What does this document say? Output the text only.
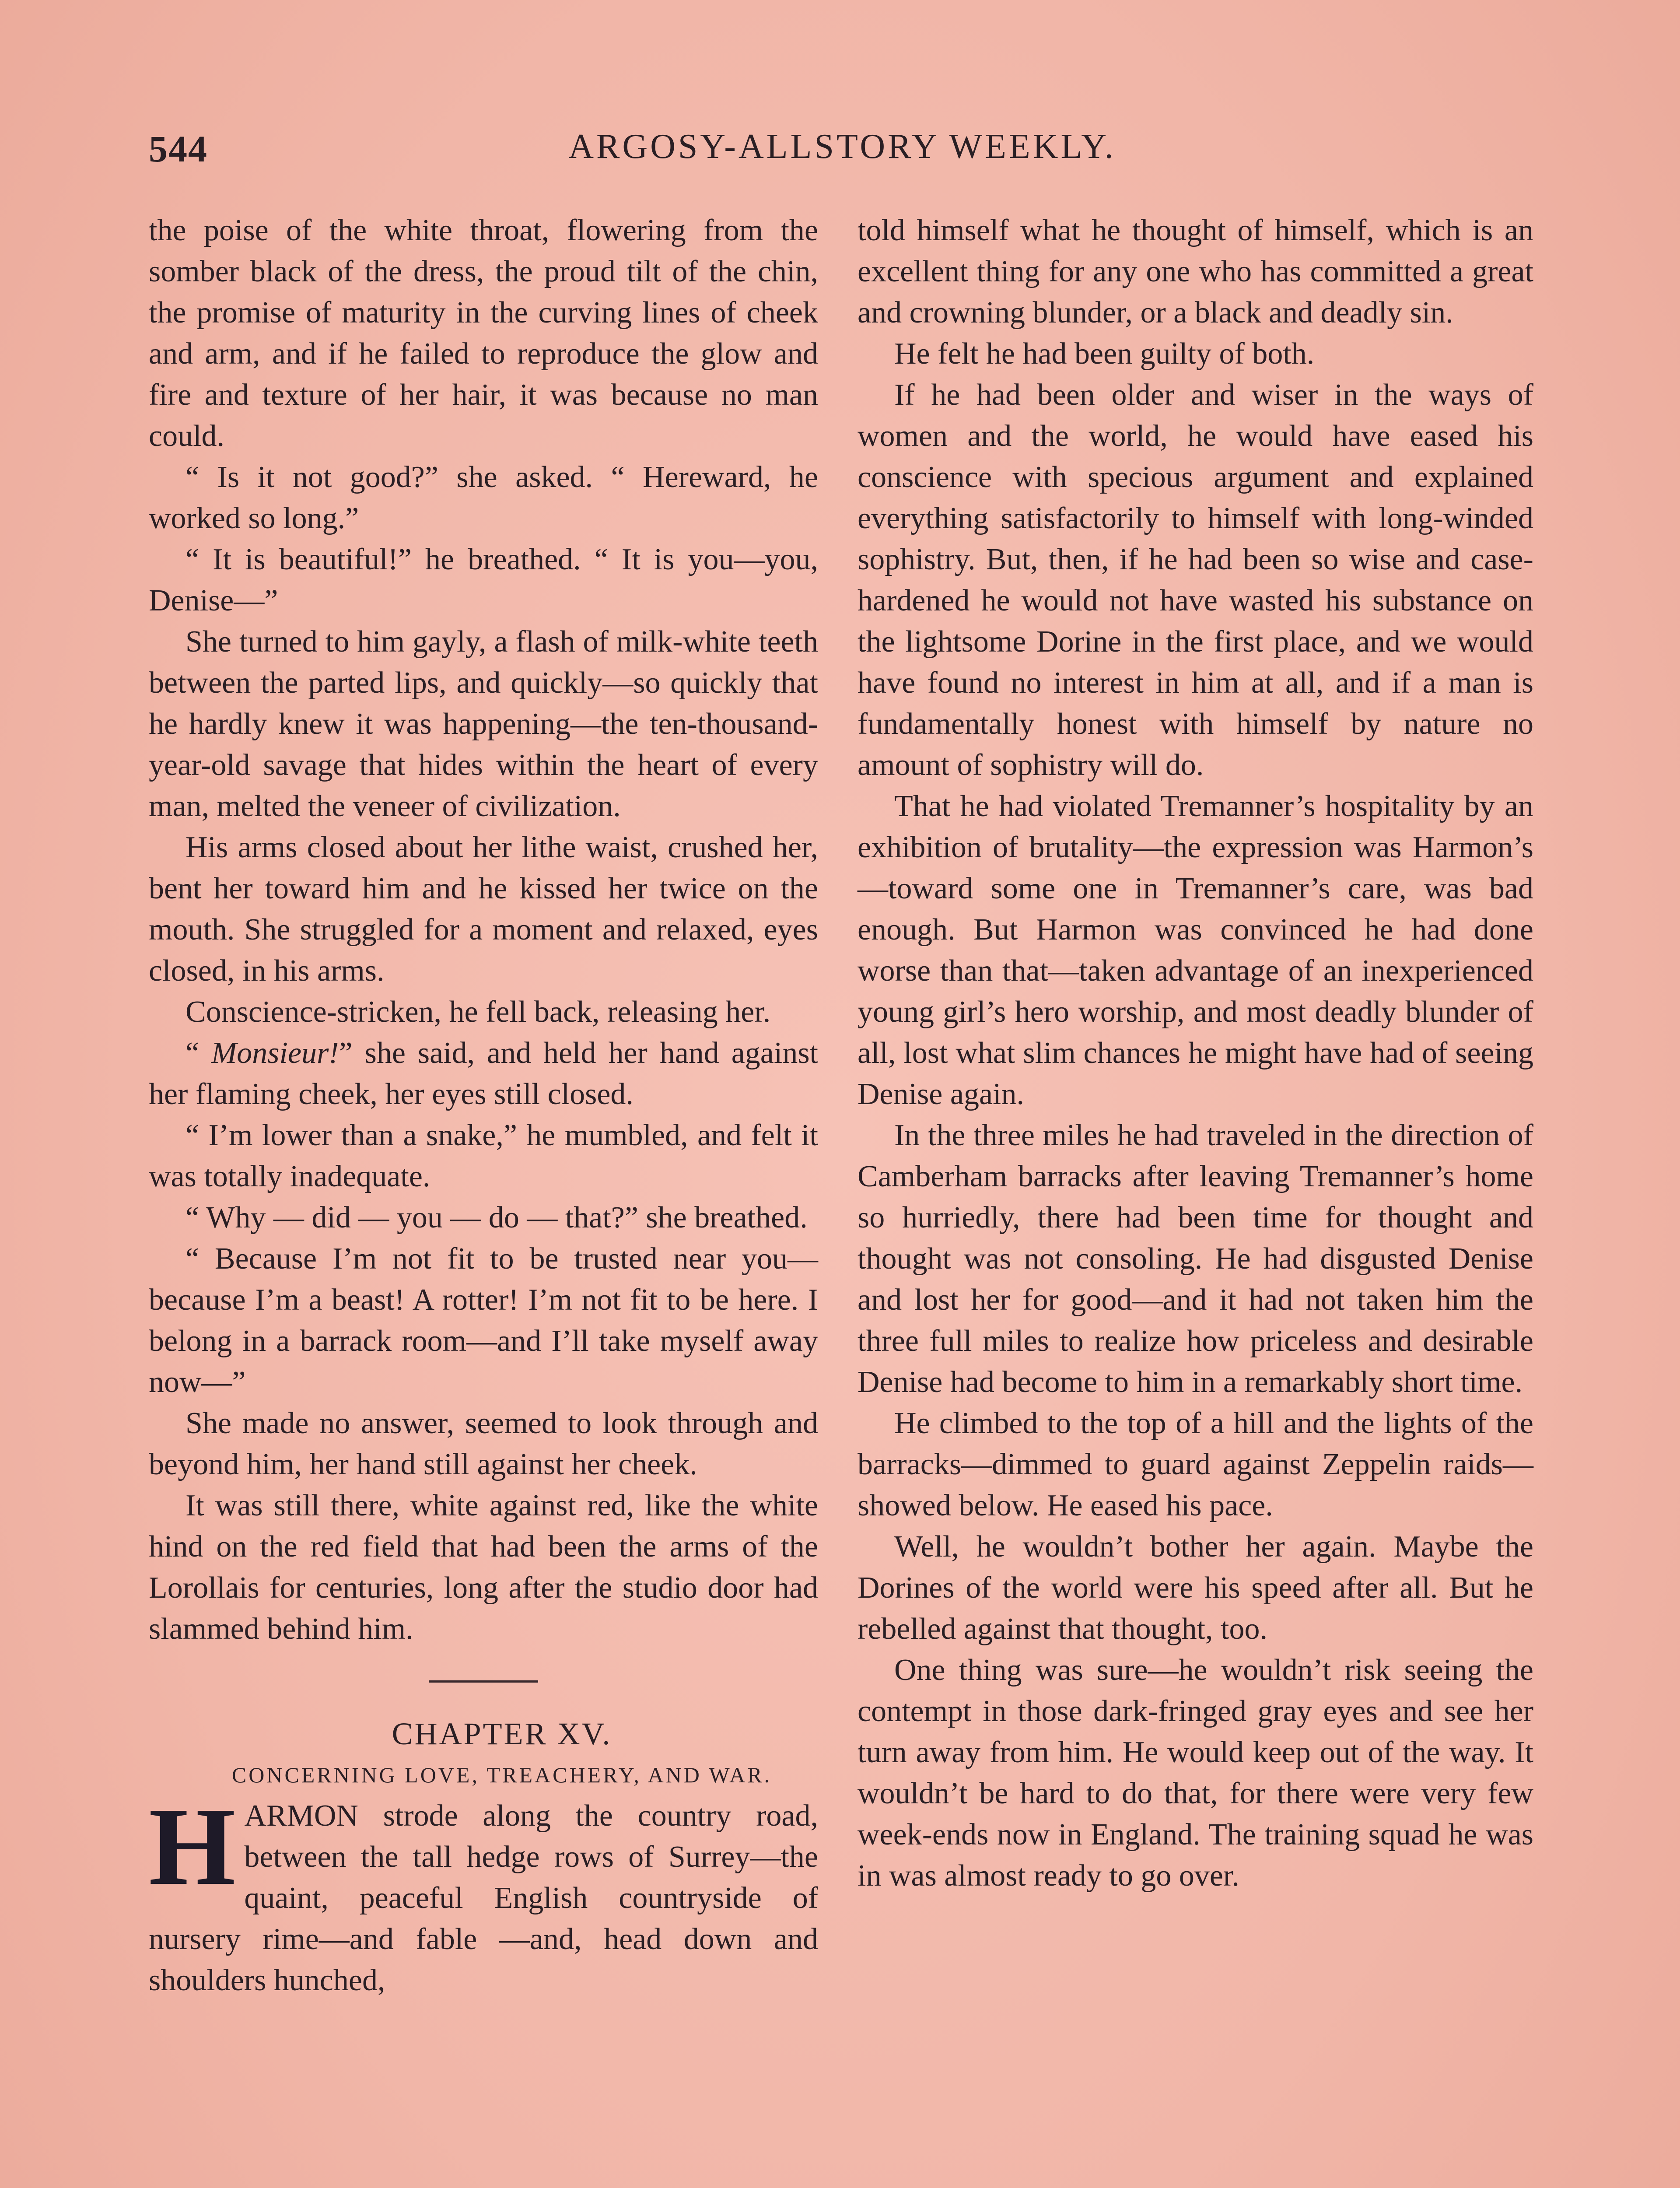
544	ARGOSY-ALLSTORY WEEKLY.

the poise of the white throat, flowering from the somber black of the dress, the proud tilt of the chin, the promise of maturity in the curving lines of cheek and arm, and if he failed to reproduce the glow and fire and texture of her hair, it was because no man could.

“ Is it not good?” she asked. “ Hereward, he worked so long.”

“ It is beautiful!” he breathed. “ It is you—you, Denise—”

She turned to him gayly, a flash of milk-white teeth between the parted lips, and quickly—so quickly that he hardly knew it was happening—the ten-thousand-year-old savage that hides within the heart of every man, melted the veneer of civilization.

His arms closed about her lithe waist, crushed her, bent her toward him and he kissed her twice on the mouth. She struggled for a moment and relaxed, eyes closed, in his arms.

Conscience-stricken, he fell back, releasing her.

“ Monsieur!” she said, and held her hand against her flaming cheek, her eyes still closed.

“ I’m lower than a snake,” he mumbled, and felt it was totally inadequate.

“ Why — did — you — do — that?” she breathed.

“ Because I’m not fit to be trusted near you—because I’m a beast! A rotter! I’m not fit to be here. I belong in a barrack room—and I’ll take myself away now—”

She made no answer, seemed to look through and beyond him, her hand still against her cheek.

It was still there, white against red, like the white hind on the red field that had been the arms of the Lorollais for centuries, long after the studio door had slammed behind him.

CHAPTER XV.

CONCERNING LOVE, TREACHERY, AND WAR.

HARMON strode along the country road, between the tall hedge rows of Surrey—the quaint, peaceful English countryside of nursery rime—and fable —and, head down and shoulders hunched,

told himself what he thought of himself, which is an excellent thing for any one who has committed a great and crowning blunder, or a black and deadly sin.

He felt he had been guilty of both.

If he had been older and wiser in the ways of women and the world, he would have eased his conscience with specious argument and explained everything satisfactorily to himself with long-winded sophistry. But, then, if he had been so wise and case-hardened he would not have wasted his substance on the lightsome Dorine in the first place, and we would have found no interest in him at all, and if a man is fundamentally honest with himself by nature no amount of sophistry will do.

That he had violated Tremanner’s hospitality by an exhibition of brutality—the expression was Harmon’s—toward some one in Tremanner’s care, was bad enough. But Harmon was convinced he had done worse than that—taken advantage of an inexperienced young girl’s hero worship, and most deadly blunder of all, lost what slim chances he might have had of seeing Denise again.

In the three miles he had traveled in the direction of Camberham barracks after leaving Tremanner’s home so hurriedly, there had been time for thought and thought was not consoling. He had disgusted Denise and lost her for good—and it had not taken him the three full miles to realize how priceless and desirable Denise had become to him in a remarkably short time.

He climbed to the top of a hill and the lights of the barracks—dimmed to guard against Zeppelin raids—showed below. He eased his pace.

Well, he wouldn’t bother her again. Maybe the Dorines of the world were his speed after all. But he rebelled against that thought, too.

One thing was sure—he wouldn’t risk seeing the contempt in those dark-fringed gray eyes and see her turn away from him. He would keep out of the way. It wouldn’t be hard to do that, for there were very few week-ends now in England. The training squad he was in was almost ready to go over.
